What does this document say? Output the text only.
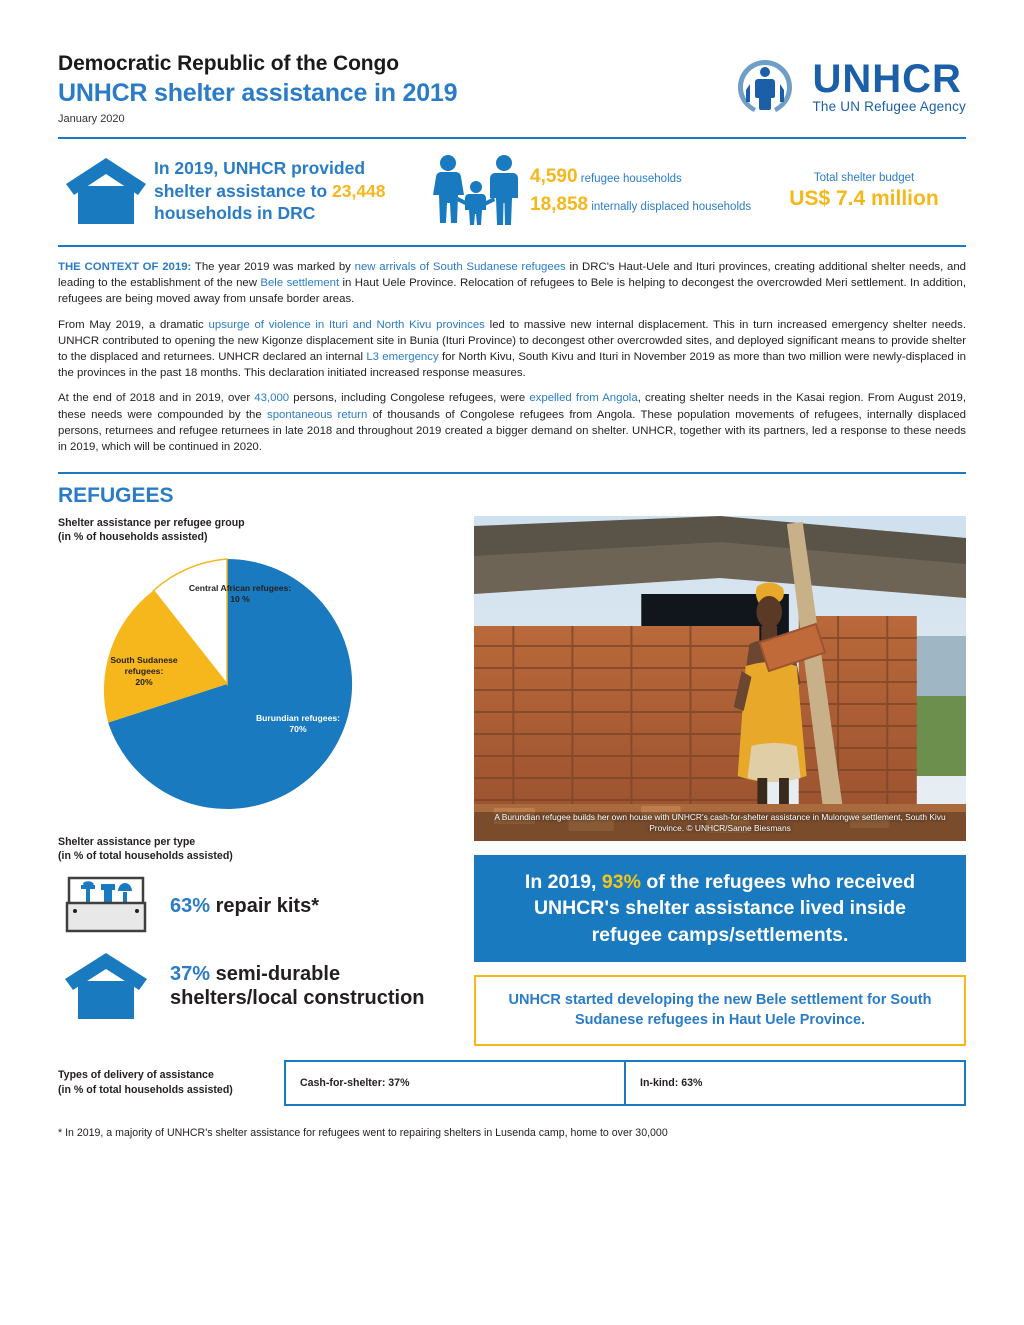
Democratic Republic of the Congo
UNHCR shelter assistance in 2019
January 2020
UNHCR
The UN Refugee Agency
In 2019, UNHCR provided shelter assistance to 23,448 households in DRC
4,590 refugee households
18,858 internally displaced households
Total shelter budget
US$ 7.4 million

THE CONTEXT OF 2019: The year 2019 was marked by new arrivals of South Sudanese refugees in DRC's Haut-Uele and Ituri provinces, creating additional shelter needs, and leading to the establishment of the new Bele settlement in Haut Uele Province. Relocation of refugees to Bele is helping to decongest the overcrowded Meri settlement. In addition, refugees are being moved away from unsafe border areas.

From May 2019, a dramatic upsurge of violence in Ituri and North Kivu provinces led to massive new internal displacement. This in turn increased emergency shelter needs. UNHCR contributed to opening the new Kigonze displacement site in Bunia (Ituri Province) to decongest other overcrowded sites, and deployed significant means to provide shelter to the displaced and returnees. UNHCR declared an internal L3 emergency for North Kivu, South Kivu and Ituri in November 2019 as more than two million were newly-displaced in the provinces in the past 18 months. This declaration initiated increased response measures.

At the end of 2018 and in 2019, over 43,000 persons, including Congolese refugees, were expelled from Angola, creating shelter needs in the Kasai region. From August 2019, these needs were compounded by the spontaneous return of thousands of Congolese refugees from Angola. These population movements of refugees, internally displaced persons, returnees and refugee returnees in late 2018 and throughout 2019 created a bigger demand on shelter. UNHCR, together with its partners, led a response to these needs in 2019, which will be continued in 2020.

REFUGEES
Shelter assistance per refugee group
(in % of households assisted)
Central African refugees:
10 %
South Sudanese refugees:
20%
Burundian refugees:
70%
Shelter assistance per type
(in % of total households assisted)
63% repair kits*
37% semi-durable
shelters/local construction
A Burundian refugee builds her own house with UNHCR's cash-for-shelter assistance in Mulongwe settlement, South Kivu Province. © UNHCR/Sanne Biesmans
In 2019, 93% of the refugees who received UNHCR's shelter assistance lived inside refugee camps/settlements.
UNHCR started developing the new Bele settlement for South Sudanese refugees in Haut Uele Province.
Types of delivery of assistance
(in % of total households assisted)
Cash-for-shelter: 37%	In-kind: 63%
* In 2019, a majority of UNHCR's shelter assistance for refugees went to repairing shelters in Lusenda camp, home to over 30,000
